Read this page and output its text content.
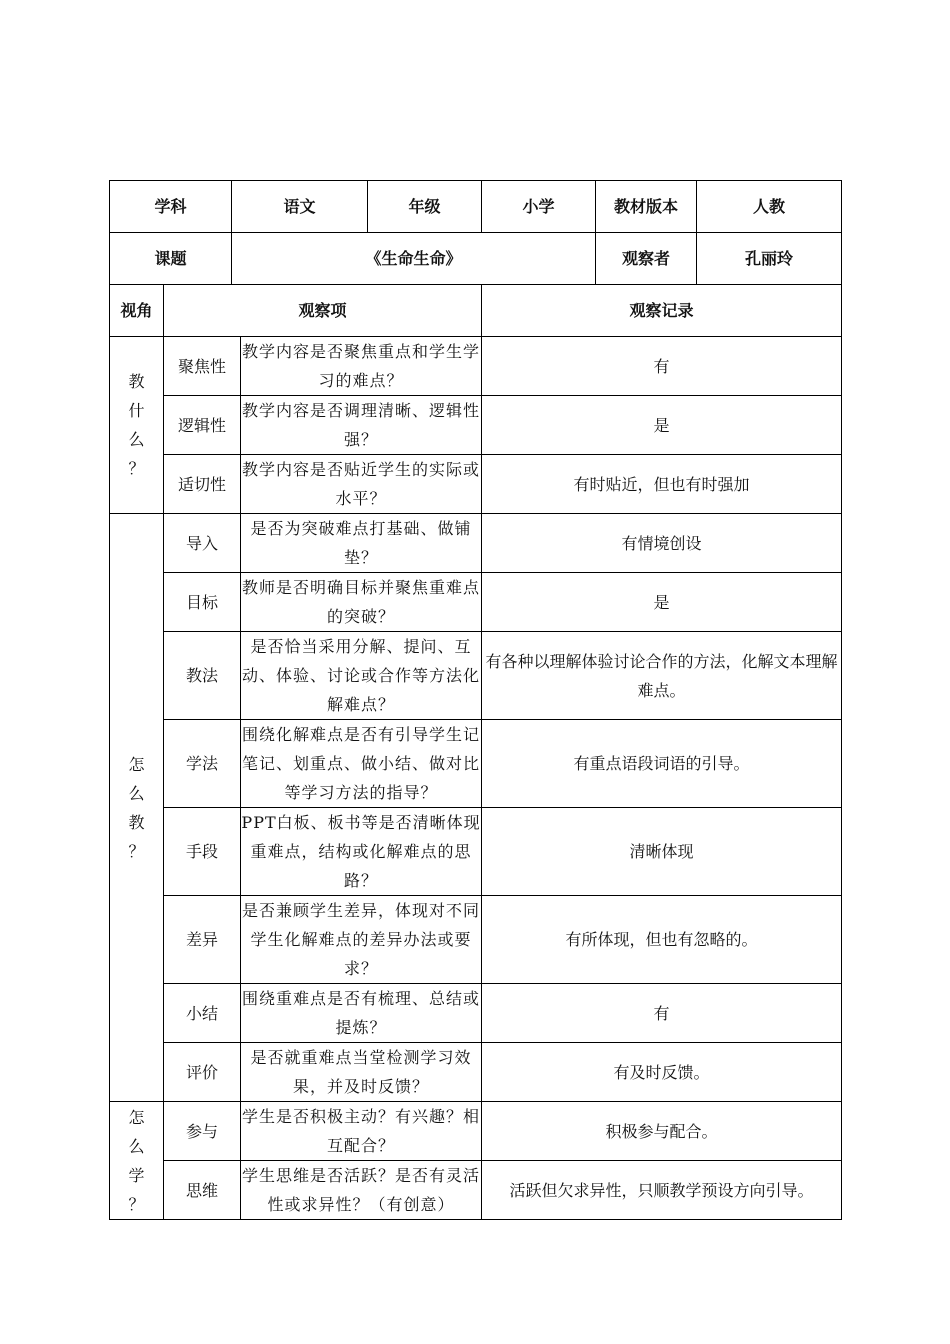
学科		语文		年级	小学	教材版本	人教
课题		《生命生命》				观察者	孔丽玲
视角	观察项				观察记录		

教
什
么
？	聚焦性		教学内容是否聚焦重点和学生学习的难点？		有		
	逻辑性		教学内容是否调理清晰、逻辑性强？		是		
	适切性		教学内容是否贴近学生的实际或水平？		有时贴近，但也有时强加		

怎
么
教
？	导入		是否为突破难点打基础、做铺垫？		有情境创设		
	目标		教师是否明确目标并聚焦重难点的突破？		是		
	教法		是否恰当采用分解、提问、互动、体验、讨论或合作等方法化解难点？		有各种以理解体验讨论合作的方法，化解文本理解难点。		
	学法		围绕化解难点是否有引导学生记笔记、划重点、做小结、做对比等学习方法的指导？		有重点语段词语的引导。		
	手段		PPT白板、板书等是否清晰体现重难点，结构或化解难点的思路？		清晰体现		
	差异		是否兼顾学生差异，体现对不同学生化解难点的差异办法或要求？		有所体现，但也有忽略的。		
	小结		围绕重难点是否有梳理、总结或提炼？		有		
	评价		是否就重难点当堂检测学习效果，并及时反馈？		有及时反馈。		

怎
么
学
？	参与		学生是否积极主动？有兴趣？相互配合？		积极参与配合。		
	思维		学生思维是否活跃？是否有灵活性或求异性？（有创意）		活跃但欠求异性，只顺教学预设方向引导。		
